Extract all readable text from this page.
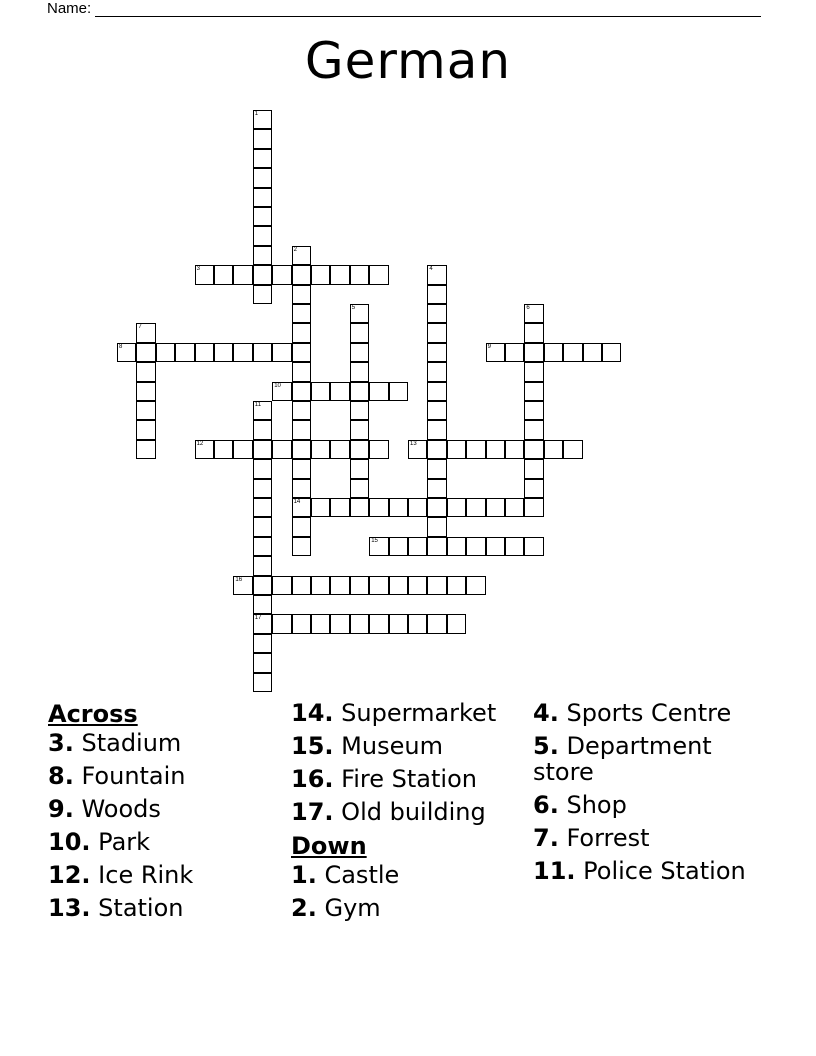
Name:
German
1
2
14
3	4
5	6
7
8	9
10
11
17
12	13
15
16
Across
3. Stadium
8. Fountain
9. Woods
10. Park
12. Ice Rink
13. Station
14. Supermarket
15. Museum
16. Fire Station
17. Old building
Down
1. Castle
2. Gym
4. Sports Centre
5. Department store
6. Shop
7. Forrest
11. Police Station
